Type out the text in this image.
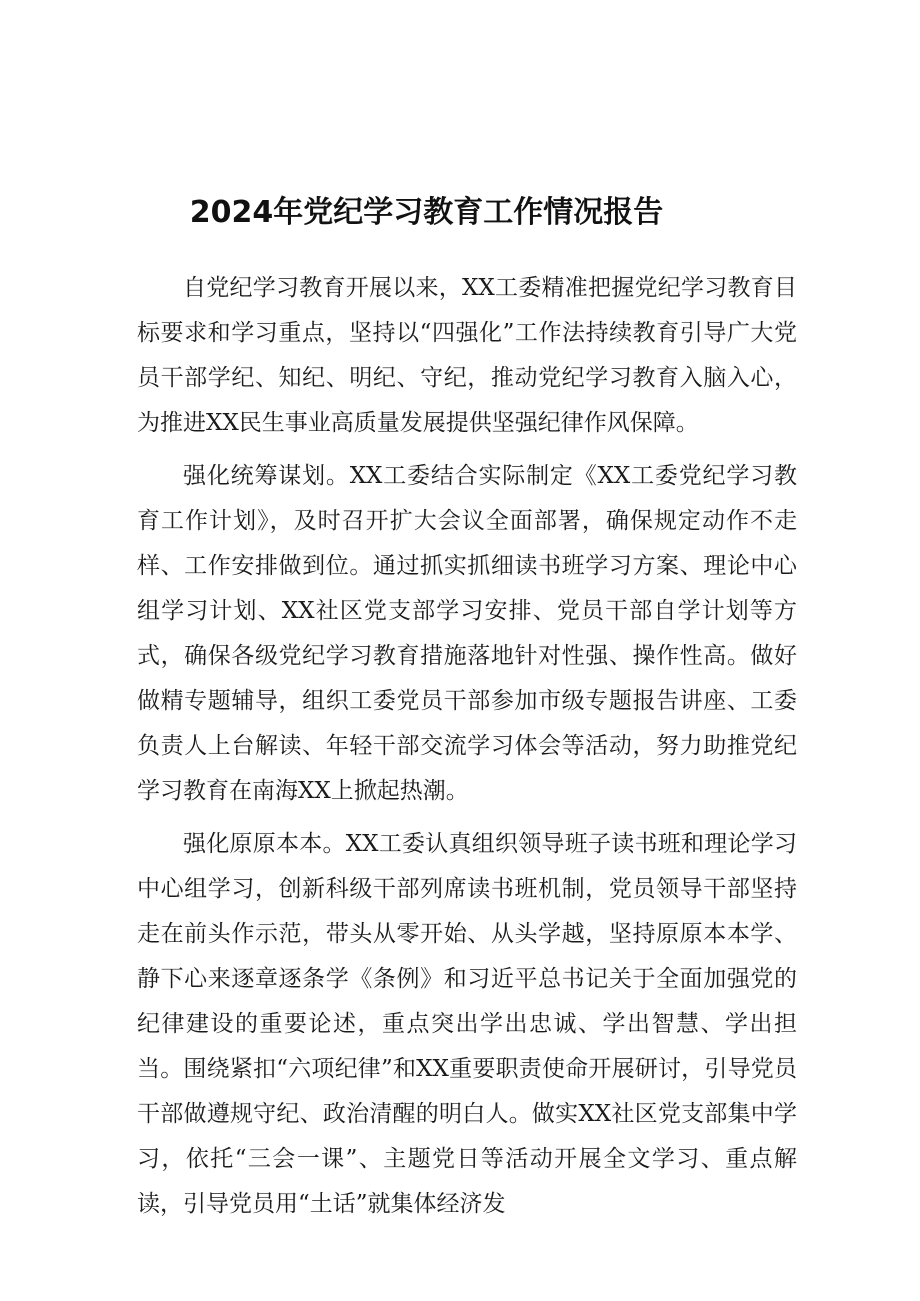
2024年党纪学习教育工作情况报告

自党纪学习教育开展以来，XX工委精准把握党纪学习教育目标要求和学习重点，坚持以“四强化”工作法持续教育引导广大党员干部学纪、知纪、明纪、守纪，推动党纪学习教育入脑入心，为推进XX民生事业高质量发展提供坚强纪律作风保障。

强化统筹谋划。XX工委结合实际制定《XX工委党纪学习教育工作计划》，及时召开扩大会议全面部署，确保规定动作不走样、工作安排做到位。通过抓实抓细读书班学习方案、理论中心组学习计划、XX社区党支部学习安排、党员干部自学计划等方式，确保各级党纪学习教育措施落地针对性强、操作性高。做好做精专题辅导，组织工委党员干部参加市级专题报告讲座、工委负责人上台解读、年轻干部交流学习体会等活动，努力助推党纪学习教育在南海XX上掀起热潮。

强化原原本本。XX工委认真组织领导班子读书班和理论学习中心组学习，创新科级干部列席读书班机制，党员领导干部坚持走在前头作示范，带头从零开始、从头学越，坚持原原本本学、静下心来逐章逐条学《条例》和习近平总书记关于全面加强党的纪律建设的重要论述，重点突出学出忠诚、学出智慧、学出担当。围绕紧扣“六项纪律”和XX重要职责使命开展研讨，引导党员干部做遵规守纪、政治清醒的明白人。做实XX社区党支部集中学习，依托“三会一课”、主题党日等活动开展全文学习、重点解读，引导党员用“土话”就集体经济发
